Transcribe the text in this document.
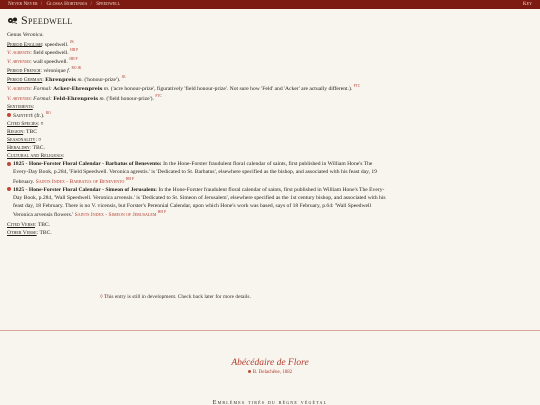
Never Never / Glossa Hortensia / Speedwell	Key
Speedwell
Genus Veronica.
Period English: speedwell. $^{JK}$
V. agrestis: field speedwell. $^{HH P}$
V. arvensis: wall speedwell. $^{HH P}$
Period French: véronique f. $^{RO JK}$
Period German: Ehrenpreis m. ('honour-prize'). $^{JK}$
V. agrestis: Formal: Acker-Ehrenpreis m. ('acre honour-prize', figuratively 'field honour-prize'. Not sure how 'Feld' and 'Acker' are actually different.). $^{FTC}$
V. arvensis: Formal: Feld-Ehrenpreis m. ('field honour-prize'). $^{FTC}$
Sentiments:
Sainteté (fr.). $^{RO}$
Cited Species: ¤
Region: TBC
Seasonality: ¤
Heraldry: TBC.
Cultural and Religious:
1825 - Hone-Forster Floral Calendar - Barbatus of Benevento: In the Hone-Forster fraudulent floral calendar of saints, first published in William Hone's The Every-Day Book, p.284, 'Field Speedwell. Veronica agrestis.' is 'Dedicated to St. Barbatus', elsewhere specified as the bishop, and associated with his feast day, 19 February. Saints Index - Barbatus of Benevento $^{HH P}$
1825 - Hone-Forster Floral Calendar - Simeon of Jerusalem: In the Hone-Forster fraudulent floral calendar of saints, first published in William Hone's The Every-Day Book, p.284, 'Wall Speedwell. Veronica arvensis.' is 'Dedicated to St. Simeon of Jerusalem', elsewhere specified as the 1st century bishop, and associated with his feast day, 18 February. There is no V. vicensis, but Forster's Perennial Calendar, upon which Hone's work was based, says of 18 February, p.64: 'Wall Speedwell Veronica arvensis flowers.' Saints Index - Simeon of Jerusalem $^{HH P}$
Cited Verse: TBC.
Other Verse: TBC.
◊ This entry is still in development. Check back later for more details.
Abécédaire de Flore
B. Delachêne, 1882
Emblèmes tirés du règne végétal
